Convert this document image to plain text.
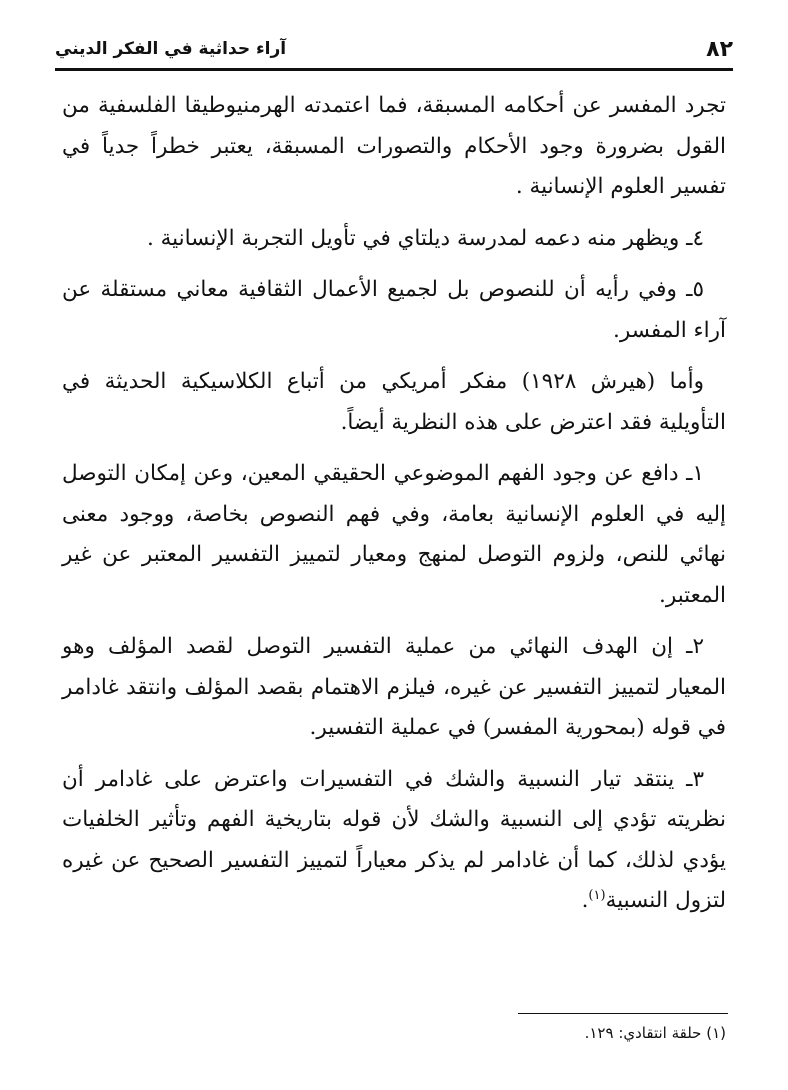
٨٢
آراء حداثية في الفكر الديني

تجرد المفسر عن أحكامه المسبقة، فما اعتمدته الهرمنيوطيقا الفلسفية من القول بضرورة وجود الأحكام والتصورات المسبقة، يعتبر خطراً جدياً في تفسير العلوم الإنسانية .

٤ـ ويظهر منه دعمه لمدرسة ديلتاي في تأويل التجربة الإنسانية .

٥ـ وفي رأيه أن للنصوص بل لجميع الأعمال الثقافية معاني مستقلة عن آراء المفسر.

وأما (هيرش ١٩٢٨) مفكر أمريكي من أتباع الكلاسيكية الحديثة في التأويلية فقد اعترض على هذه النظرية أيضاً.

١ـ دافع عن وجود الفهم الموضوعي الحقيقي المعين، وعن إمكان التوصل إليه في العلوم الإنسانية بعامة، وفي فهم النصوص بخاصة، ووجود معنى نهائي للنص، ولزوم التوصل لمنهج ومعيار لتمييز التفسير المعتبر عن غير المعتبر.

٢ـ إن الهدف النهائي من عملية التفسير التوصل لقصد المؤلف وهو المعيار لتمييز التفسير عن غيره، فيلزم الاهتمام بقصد المؤلف وانتقد غادامر في قوله (بمحورية المفسر) في عملية التفسير.

٣ـ ينتقد تيار النسبية والشك في التفسيرات واعترض على غادامر أن نظريته تؤدي إلى النسبية والشك لأن قوله بتاريخية الفهم وتأثير الخلفيات يؤدي لذلك، كما أن غادامر لم يذكر معياراً لتمييز التفسير الصحيح عن غيره لتزول النسبية$^{(١)}$.

(١) حلقة انتقادي: ١٢٩.
